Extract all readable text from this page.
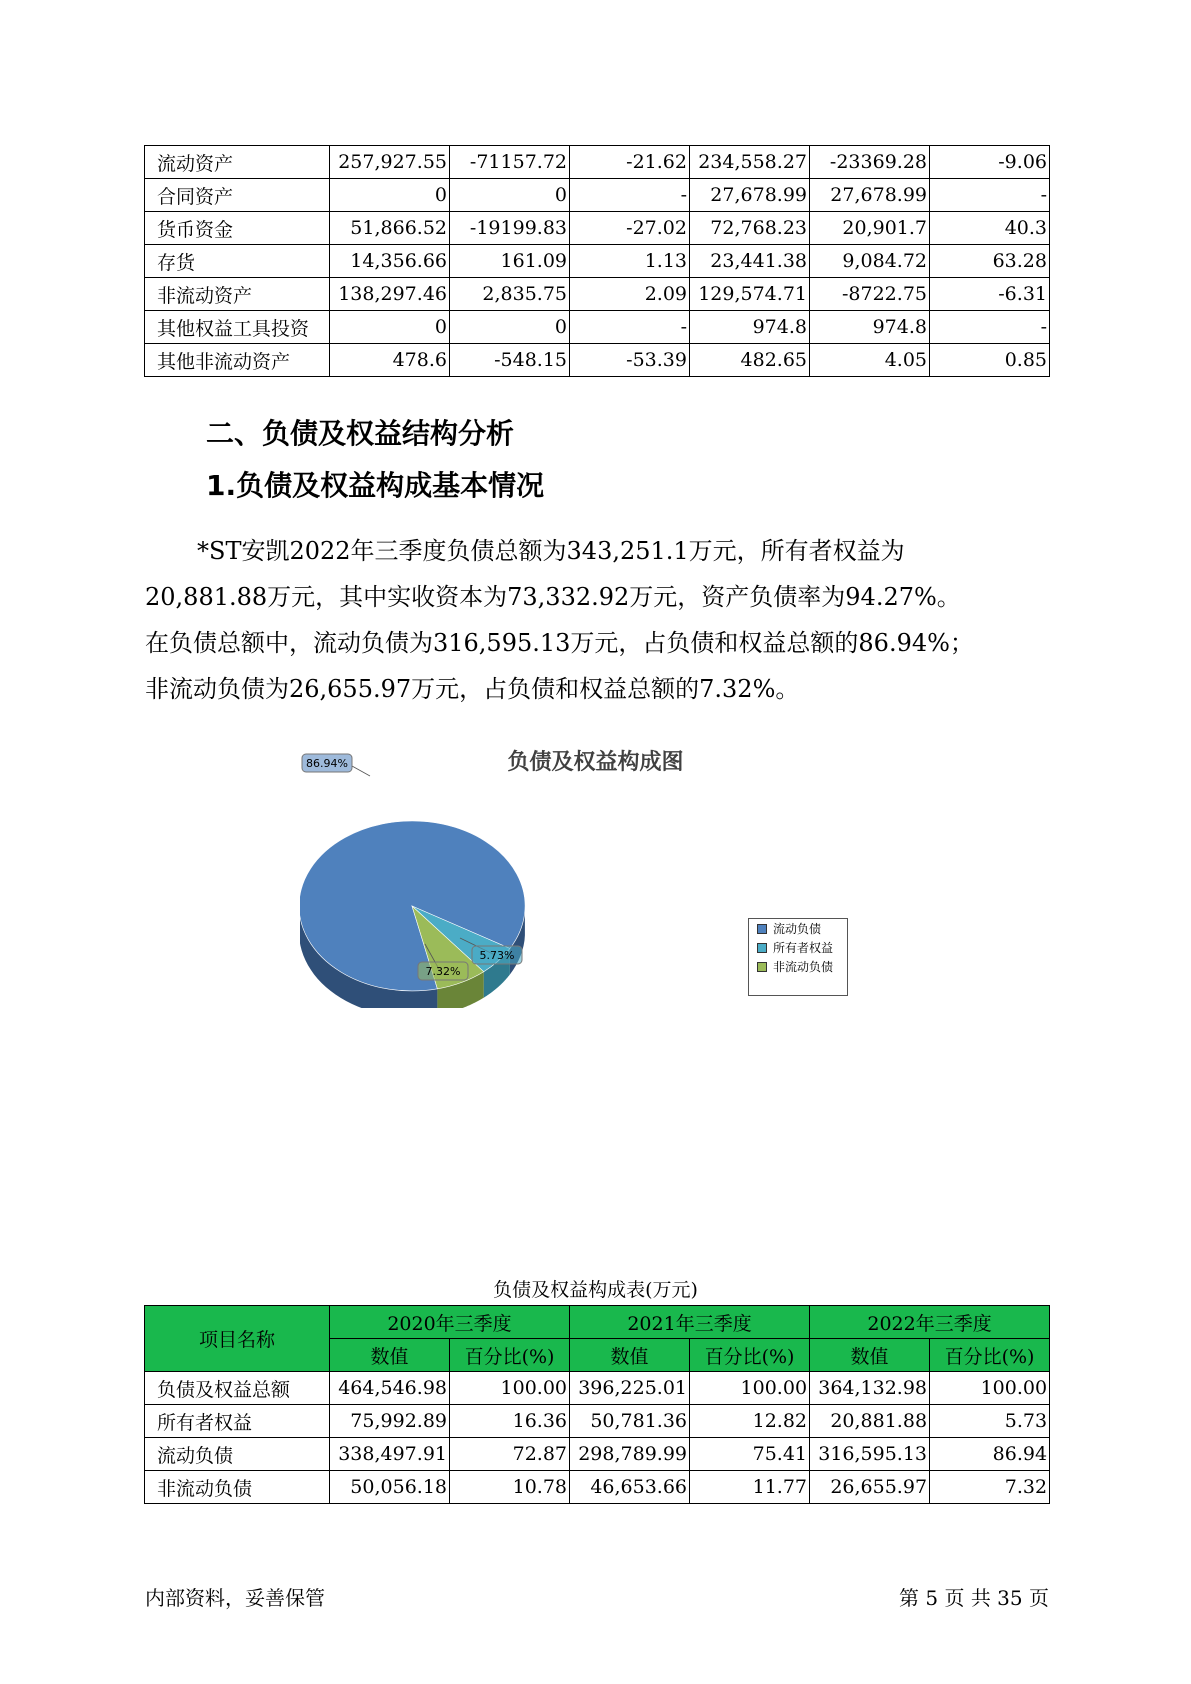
流动资产	257,927.55	-71157.72	-21.62	234,558.27	-23369.28	-9.06
合同资产	0	0	-	27,678.99	27,678.99	-
货币资金	51,866.52	-19199.83	-27.02	72,768.23	20,901.7	40.3
存货	14,356.66	161.09	1.13	23,441.38	9,084.72	63.28
非流动资产	138,297.46	2,835.75	2.09	129,574.71	-8722.75	-6.31
其他权益工具投资	0	0	-	974.8	974.8	-
其他非流动资产	478.6	-548.15	-53.39	482.65	4.05	0.85
二、负债及权益结构分析
1.负债及权益构成基本情况

*ST安凯2022年三季度负债总额为343,251.1万元，所有者权益为
20,881.88万元，其中实收资本为73,332.92万元，资产负债率为94.27%。
在负债总额中，流动负债为316,595.13万元，占负债和权益总额的86.94%；
非流动负债为26,655.97万元，占负债和权益总额的7.32%。

负债及权益构成图
86.94%
5.73%
7.32%
流动负债
所有者权益
非流动负债
负债及权益构成表(万元)
项目名称	2020年三季度		2021年三季度		2022年三季度	
	数值	百分比(%)	数值	百分比(%)	数值	百分比(%)
负债及权益总额	464,546.98	100.00	396,225.01	100.00	364,132.98	100.00
所有者权益	75,992.89	16.36	50,781.36	12.82	20,881.88	5.73
流动负债	338,497.91	72.87	298,789.99	75.41	316,595.13	86.94
非流动负债	50,056.18	10.78	46,653.66	11.77	26,655.97	7.32
内部资料，妥善保管	第 5 页 共 35 页
